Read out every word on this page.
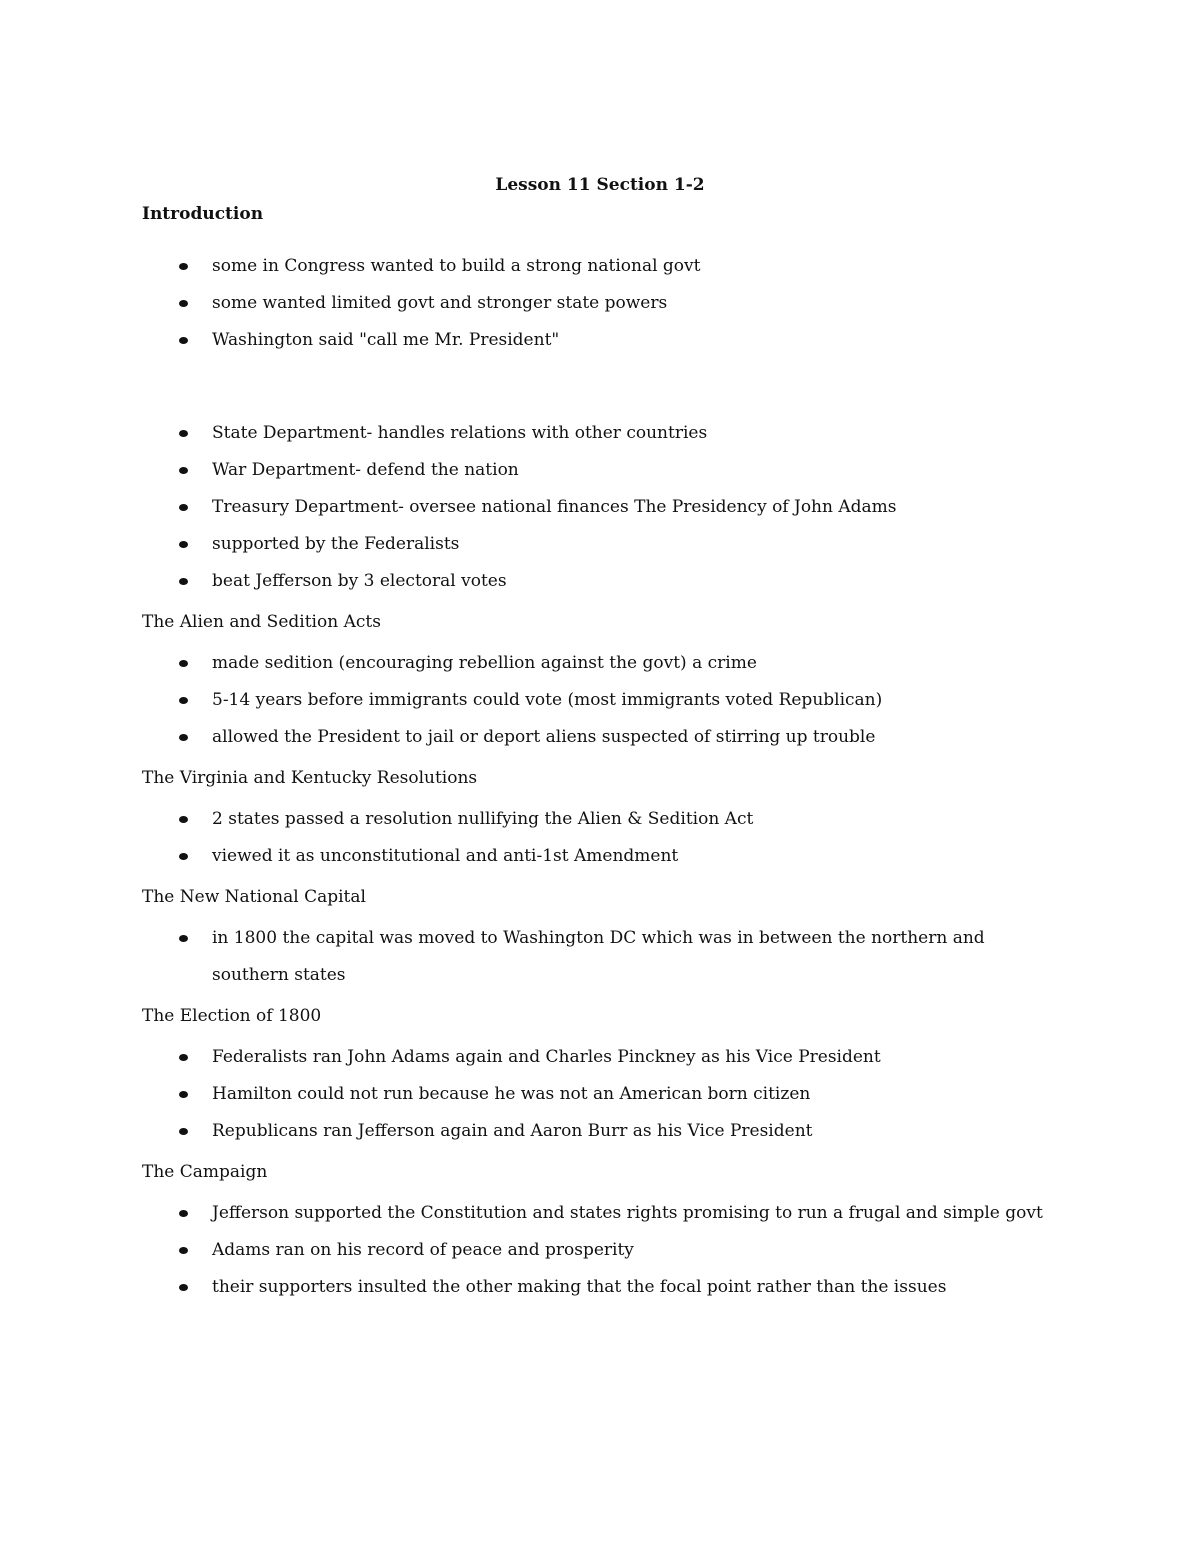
Lesson 11 Section 1-2
Introduction
some in Congress wanted to build a strong national govt
some wanted limited govt and stronger state powers
Washington said "call me Mr. President"
State Department- handles relations with other countries
War Department- defend the nation
Treasury Department- oversee national finances The Presidency of John Adams
supported by the Federalists
beat Jefferson by 3 electoral votes
The Alien and Sedition Acts
made sedition (encouraging rebellion against the govt) a crime
5-14 years before immigrants could vote (most immigrants voted Republican)
allowed the President to jail or deport aliens suspected of stirring up trouble
The Virginia and Kentucky Resolutions
2 states passed a resolution nullifying the Alien & Sedition Act
viewed it as unconstitutional and anti-1st Amendment
The New National Capital
in 1800 the capital was moved to Washington DC which was in between the northern and southern states
The Election of 1800
Federalists ran John Adams again and Charles Pinckney as his Vice President
Hamilton could not run because he was not an American born citizen
Republicans ran Jefferson again and Aaron Burr as his Vice President
The Campaign
Jefferson supported the Constitution and states rights promising to run a frugal and simple govt
Adams ran on his record of peace and prosperity
their supporters insulted the other making that the focal point rather than the issues
